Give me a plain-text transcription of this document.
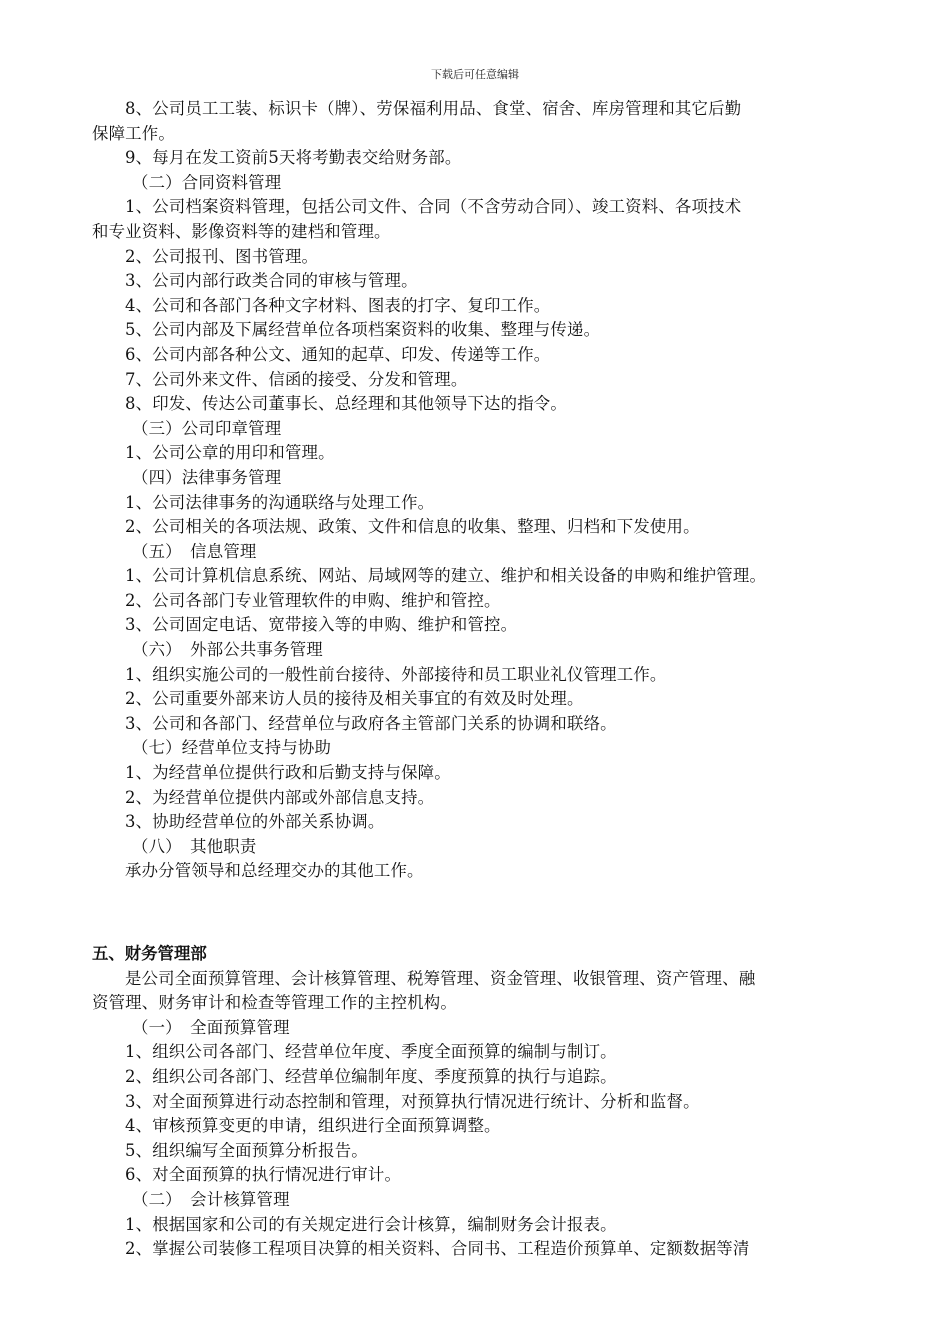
下载后可任意编辑

8、公司员工工装、标识卡（牌）、劳保福利用品、食堂、宿舍、库房管理和其它后勤

保障工作。

9、每月在发工资前5天将考勤表交给财务部。

（二）合同资料管理

1、公司档案资料管理，包括公司文件、合同（不含劳动合同）、竣工资料、各项技术

和专业资料、影像资料等的建档和管理。

2、公司报刊、图书管理。

3、公司内部行政类合同的审核与管理。

4、公司和各部门各种文字材料、图表的打字、复印工作。

5、公司内部及下属经营单位各项档案资料的收集、整理与传递。

6、公司内部各种公文、通知的起草、印发、传递等工作。

7、公司外来文件、信函的接受、分发和管理。

8、印发、传达公司董事长、总经理和其他领导下达的指令。

（三）公司印章管理

1、公司公章的用印和管理。

（四）法律事务管理

1、公司法律事务的沟通联络与处理工作。

2、公司相关的各项法规、政策、文件和信息的收集、整理、归档和下发使用。

（五）　信息管理

1、公司计算机信息系统、网站、局域网等的建立、维护和相关设备的申购和维护管理。

2、公司各部门专业管理软件的申购、维护和管控。

3、公司固定电话、宽带接入等的申购、维护和管控。

（六）　外部公共事务管理

1、组织实施公司的一般性前台接待、外部接待和员工职业礼仪管理工作。

2、公司重要外部来访人员的接待及相关事宜的有效及时处理。

3、公司和各部门、经营单位与政府各主管部门关系的协调和联络。

（七）经营单位支持与协助

1、为经营单位提供行政和后勤支持与保障。

2、为经营单位提供内部或外部信息支持。

3、协助经营单位的外部关系协调。

（八）　其他职责

承办分管领导和总经理交办的其他工作。

五、财务管理部

是公司全面预算管理、会计核算管理、税筹管理、资金管理、收银管理、资产管理、融

资管理、财务审计和检查等管理工作的主控机构。

（一）　全面预算管理

1、组织公司各部门、经营单位年度、季度全面预算的编制与制订。

2、组织公司各部门、经营单位编制年度、季度预算的执行与追踪。

3、对全面预算进行动态控制和管理，对预算执行情况进行统计、分析和监督。

4、审核预算变更的申请，组织进行全面预算调整。

5、组织编写全面预算分析报告。

6、对全面预算的执行情况进行审计。

（二）　会计核算管理

1、根据国家和公司的有关规定进行会计核算，编制财务会计报表。

2、掌握公司装修工程项目决算的相关资料、合同书、工程造价预算单、定额数据等清
